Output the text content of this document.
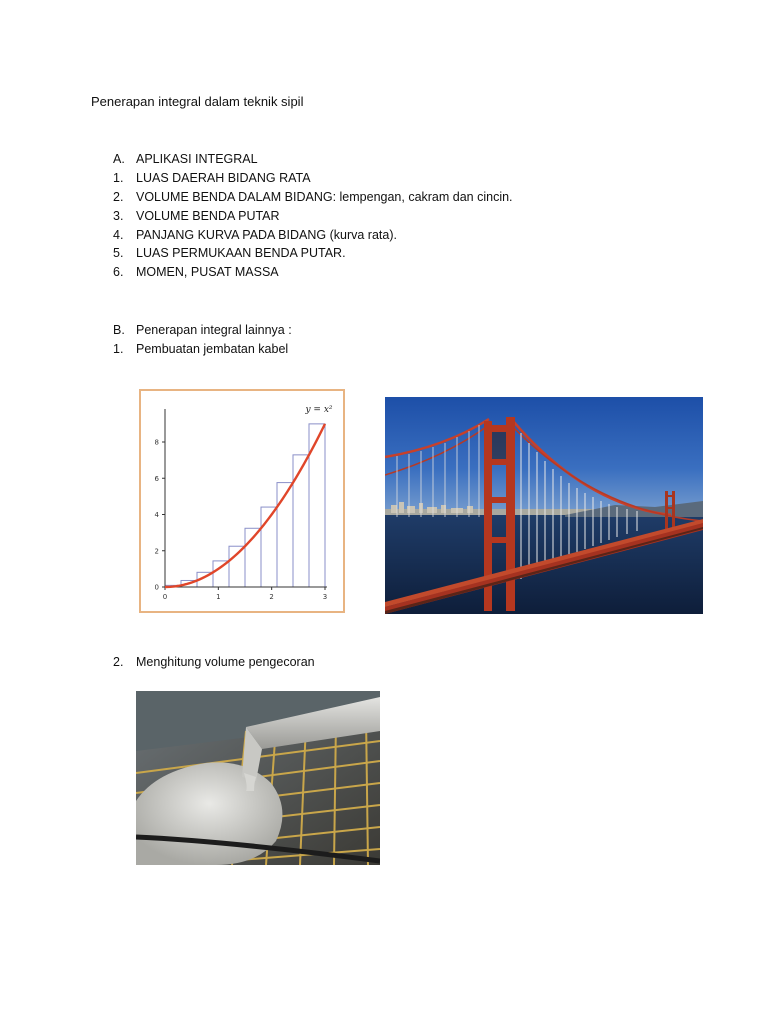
Penerapan integral dalam teknik sipil
A. APLIKASI INTEGRAL
1. LUAS DAERAH BIDANG RATA
2. VOLUME BENDA DALAM BIDANG: lempengan, cakram dan cincin.
3. VOLUME BENDA PUTAR
4. PANJANG KURVA PADA BIDANG (kurva rata).
5. LUAS PERMUKAAN BENDA PUTAR.
6. MOMEN, PUSAT MASSA
B. Penerapan integral lainnya :
1. Pembuatan jembatan kabel
0	1	2	3
0
2
4
6
8
y = x²
2. Menghitung volume pengecoran
